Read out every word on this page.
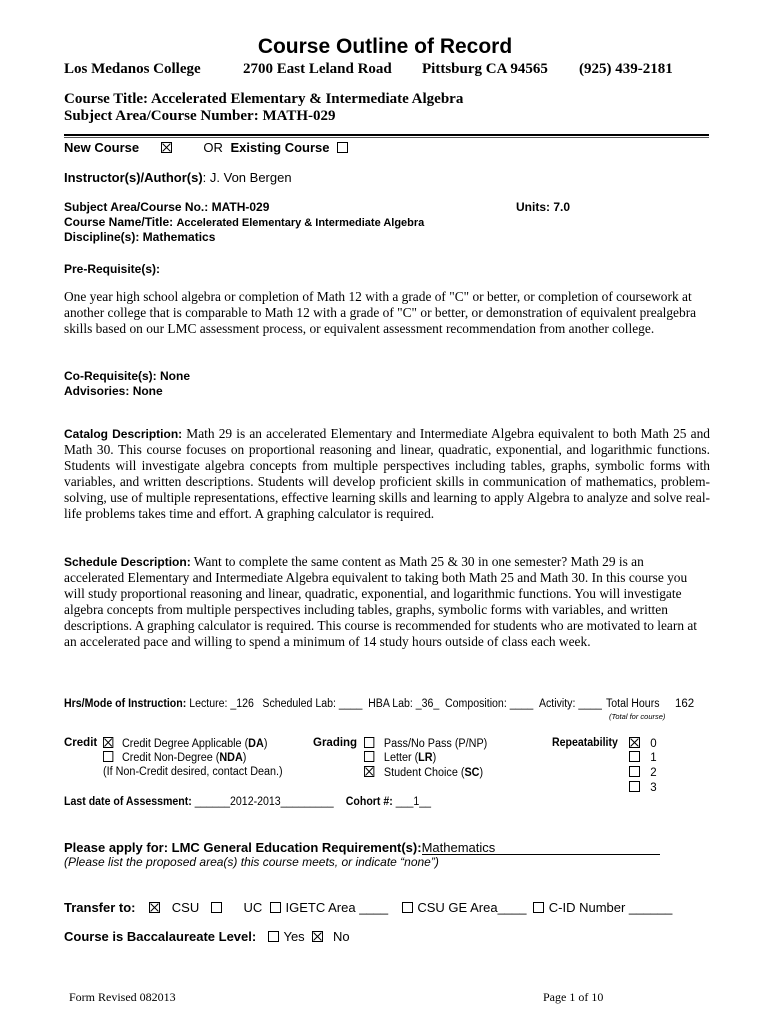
Course Outline of Record
Los Medanos College	2700 East Leland Road Pittsburg CA 94565 (925) 439-2181
Course Title: Accelerated Elementary & Intermediate Algebra
Subject Area/Course Number: MATH-029
New Course	OR Existing Course
Instructor(s)/Author(s): J. Von Bergen
Subject Area/Course No.: MATH-029	Units: 7.0
Course Name/Title: Accelerated Elementary & Intermediate Algebra
Discipline(s): Mathematics
Pre-Requisite(s):
One year high school algebra or completion of Math 12 with a grade of "C" or better, or completion of coursework at another college that is comparable to Math 12 with a grade of "C" or better, or demonstration of equivalent prealgebra skills based on our LMC assessment process, or equivalent assessment recommendation from another college.
Co-Requisite(s): None
Advisories: None
Catalog Description: Math 29 is an accelerated Elementary and Intermediate Algebra equivalent to both Math 25 and Math 30. This course focuses on proportional reasoning and linear, quadratic, exponential, and logarithmic functions. Students will investigate algebra concepts from multiple perspectives including tables, graphs, symbolic forms with variables, and written descriptions. Students will develop proficient skills in communication of mathematics, problem-solving, use of multiple representations, effective learning skills and learning to apply Algebra to analyze and solve real-life problems takes time and effort. A graphing calculator is required.
Schedule Description: Want to complete the same content as Math 25 & 30 in one semester? Math 29 is an accelerated Elementary and Intermediate Algebra equivalent to taking both Math 25 and Math 30. In this course you will study proportional reasoning and linear, quadratic, exponential, and logarithmic functions. You will investigate algebra concepts from multiple perspectives including tables, graphs, symbolic forms with variables, and written descriptions. A graphing calculator is required. This course is recommended for students who are motivated to learn at an accelerated pace and willing to spend a minimum of 14 study hours outside of class each week.
Hrs/Mode of Instruction: Lecture: _126 Scheduled Lab: ____ HBA Lab: _36_ Composition: ____ Activity: ____ Total Hours 162
(Total for course)
Credit	Credit Degree Applicable (DA)
Credit Non-Degree (NDA)
(If Non-Credit desired, contact Dean.)
Grading	Pass/No Pass (P/NP)
Letter (LR)
Student Choice (SC)
Repeatability	0
1
2
3
Last date of Assessment: ______2012-2013_________ Cohort #: ___1__
Please apply for: LMC General Education Requirement(s):Mathematics
(Please list the proposed area(s) this course meets, or indicate “none”)
Transfer to:	CSU	UC IGETC Area ____ CSU GE Area____ C-ID Number ______
Course is Baccalaureate Level: Yes No
Form Revised 082013	Page 1 of 10
